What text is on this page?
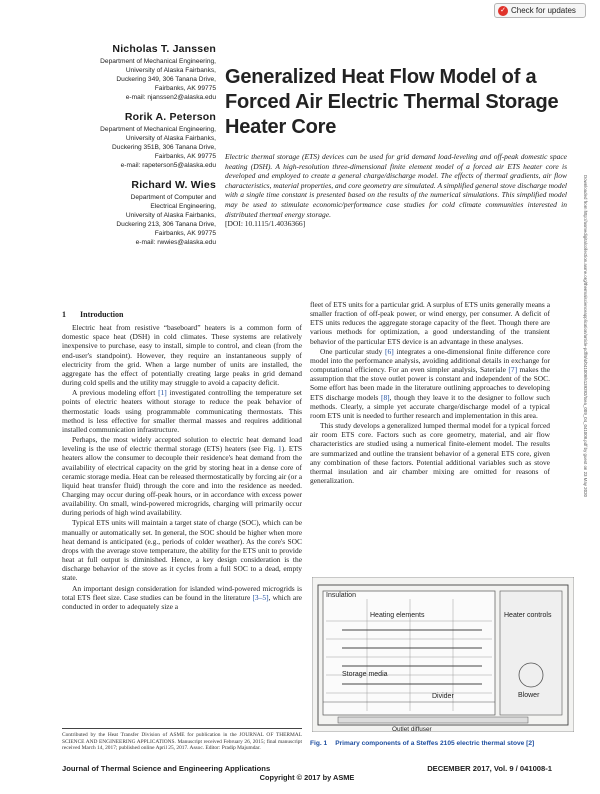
✓ Check for updates
Downloaded from http://asmedigitalcollection.asme.org/thermalscienceapplication/article-pdf/9/4/041008/6139282/tsea_009_04_041008.pdf by guest on 23 May 2020
Nicholas T. Janssen
Department of Mechanical Engineering,
University of Alaska Fairbanks,
Duckering 349, 306 Tanana Drive,
Fairbanks, AK 99775
e-mail: njanssen2@alaska.edu
Rorik A. Peterson
Department of Mechanical Engineering,
University of Alaska Fairbanks,
Duckering 351B, 306 Tanana Drive,
Fairbanks, AK 99775
e-mail: rapeterson5@alaska.edu
Richard W. Wies
Department of Computer and
Electrical Engineering,
University of Alaska Fairbanks,
Duckering 213, 306 Tanana Drive,
Fairbanks, AK 99775
e-mail: rwwies@alaska.edu
Generalized Heat Flow Model of a Forced Air Electric Thermal Storage Heater Core
Electric thermal storage (ETS) devices can be used for grid demand load-leveling and off-peak domestic space heating (DSH). A high-resolution three-dimensional finite element model of a forced air ETS heater core is developed and employed to create a general charge/discharge model. The effects of thermal gradients, air flow characteristics, material properties, and core geometry are simulated. A simplified general stove discharge model with a single time constant is presented based on the results of the numerical simulations. This simplified model may be used to stimulate economic/performance case studies for cold climate communities interested in distributed thermal energy storage.
[DOI: 10.1115/1.4036366]
1 Introduction

Electric heat from resistive “baseboard” heaters is a common form of domestic space heat (DSH) in cold climates. These systems are relatively inexpensive to purchase, easy to install, simple to control, and clean (from the end-user's standpoint). However, they require an instantaneous supply of electricity from the grid. When a large number of units are installed, the aggregate has the effect of potentially creating large peaks in grid demand during cold spells and the utility may struggle to avoid a capacity deficit.

A previous modeling effort [1] investigated controlling the temperature set points of electric heaters without storage to reduce the peak behavior of thermostatic loads using programmable communicating thermostats. This method is less effective for smaller thermal masses and requires additional installed communication infrastructure.

Perhaps, the most widely accepted solution to electric heat demand load leveling is the use of electric thermal storage (ETS) heaters (see Fig. 1). ETS heaters allow the consumer to decouple their residence's heat demand from the availability of electrical capacity on the grid by storing heat in a dense core of ceramic storage media. Heat can be released thermostatically by forcing air (or a liquid heat transfer fluid) through the core and into the residence as needed. Charging may occur during off-peak hours, or in accordance with excess power availability. On small, wind-powered microgrids, charging will primarily occur during periods of high wind availability.

Typical ETS units will maintain a target state of charge (SOC), which can be manually or automatically set. In general, the SOC should be higher when more heat demand is anticipated (e.g., periods of colder weather). As the core's SOC drops with the average stove temperature, the ability for the ETS unit to provide heat at full output is diminished. Hence, a key design consideration is the discharge behavior of the stove as it cycles from a full SOC to a dead, empty state.

An important design consideration for islanded wind-powered microgrids is total ETS fleet size. Case studies can be found in the literature [3–5], which are conducted in order to adequately size a

Contributed by the Heat Transfer Division of ASME for publication in the JOURNAL OF THERMAL SCIENCE AND ENGINEERING APPLICATIONS. Manuscript received February 26, 2015; final manuscript received March 14, 2017; published online April 25, 2017. Assoc. Editor: Pradip Majumdar.

fleet of ETS units for a particular grid. A surplus of ETS units generally means a smaller fraction of off-peak power, or wind energy, per consumer. A deficit of ETS units reduces the aggregate storage capacity of the fleet. Though there are various methods for optimization, a good understanding of the transient behavior of the particular ETS device is an advantage in these analyses.

One particular study [6] integrates a one-dimensional finite difference core model into the performance analysis, avoiding additional details in exchange for computational efficiency. For an even simpler analysis, Sateriale [7] makes the assumption that the stove outlet power is constant and independent of the SOC. Some effort has been made in the literature outlining approaches to developing ETS discharge models [8], though they leave it to the designer to follow such methods. Clearly, a simple yet accurate charge/discharge model of a typical room ETS unit is needed to further research and implementation in this area.

This study develops a generalized lumped thermal model for a typical forced air room ETS core. Factors such as core geometry, material, and air flow characteristics are studied using a numerical finite-element model. The results are summarized and outline the transient behavior of a general ETS core, given any combination of these factors. Potential additional variables such as stove thermal insulation and air chamber mixing are omitted for reasons of generalization.

Insulation
Heating elements
Storage media
Divider
Heater controls
Blower
Outlet diffuser
Fig. 1 Primary components of a Steffes 2105 electric thermal stove [2]
Journal of Thermal Science and Engineering Applications	DECEMBER 2017, Vol. 9 / 041008-1
Copyright © 2017 by ASME
